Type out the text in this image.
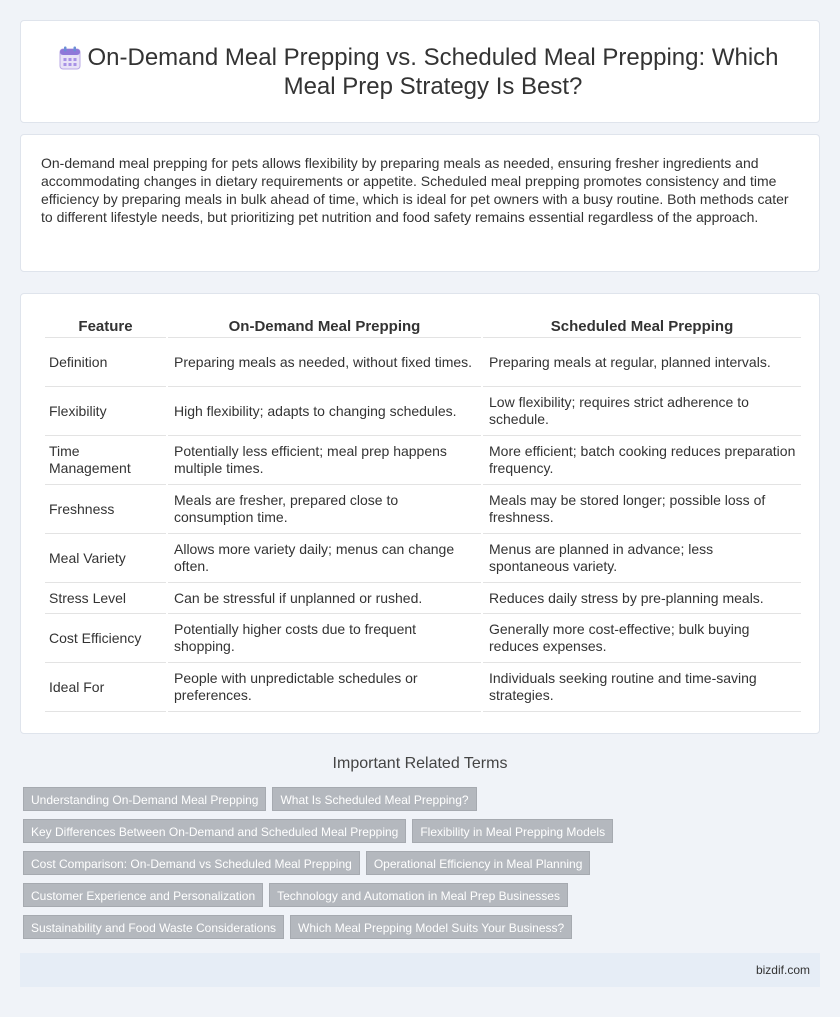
On-Demand Meal Prepping vs. Scheduled Meal Prepping: Which Meal Prep Strategy Is Best?

On-demand meal prepping for pets allows flexibility by preparing meals as needed, ensuring fresher ingredients and accommodating changes in dietary requirements or appetite. Scheduled meal prepping promotes consistency and time efficiency by preparing meals in bulk ahead of time, which is ideal for pet owners with a busy routine. Both methods cater to different lifestyle needs, but prioritizing pet nutrition and food safety remains essential regardless of the approach.

Feature	On-Demand Meal Prepping	Scheduled Meal Prepping
Definition	Preparing meals as needed, without fixed times.	Preparing meals at regular, planned intervals.
Flexibility	High flexibility; adapts to changing schedules.	Low flexibility; requires strict adherence to schedule.
Time Management	Potentially less efficient; meal prep happens multiple times.	More efficient; batch cooking reduces preparation frequency.
Freshness	Meals are fresher, prepared close to consumption time.	Meals may be stored longer; possible loss of freshness.
Meal Variety	Allows more variety daily; menus can change often.	Menus are planned in advance; less spontaneous variety.
Stress Level	Can be stressful if unplanned or rushed.	Reduces daily stress by pre-planning meals.
Cost Efficiency	Potentially higher costs due to frequent shopping.	Generally more cost-effective; bulk buying reduces expenses.
Ideal For	People with unpredictable schedules or preferences.	Individuals seeking routine and time-saving strategies.
Important Related Terms
Understanding On-Demand Meal Prepping	What Is Scheduled Meal Prepping?
Key Differences Between On-Demand and Scheduled Meal Prepping	Flexibility in Meal Prepping Models
Cost Comparison: On-Demand vs Scheduled Meal Prepping	Operational Efficiency in Meal Planning
Customer Experience and Personalization	Technology and Automation in Meal Prep Businesses
Sustainability and Food Waste Considerations	Which Meal Prepping Model Suits Your Business?
bizdif.com
